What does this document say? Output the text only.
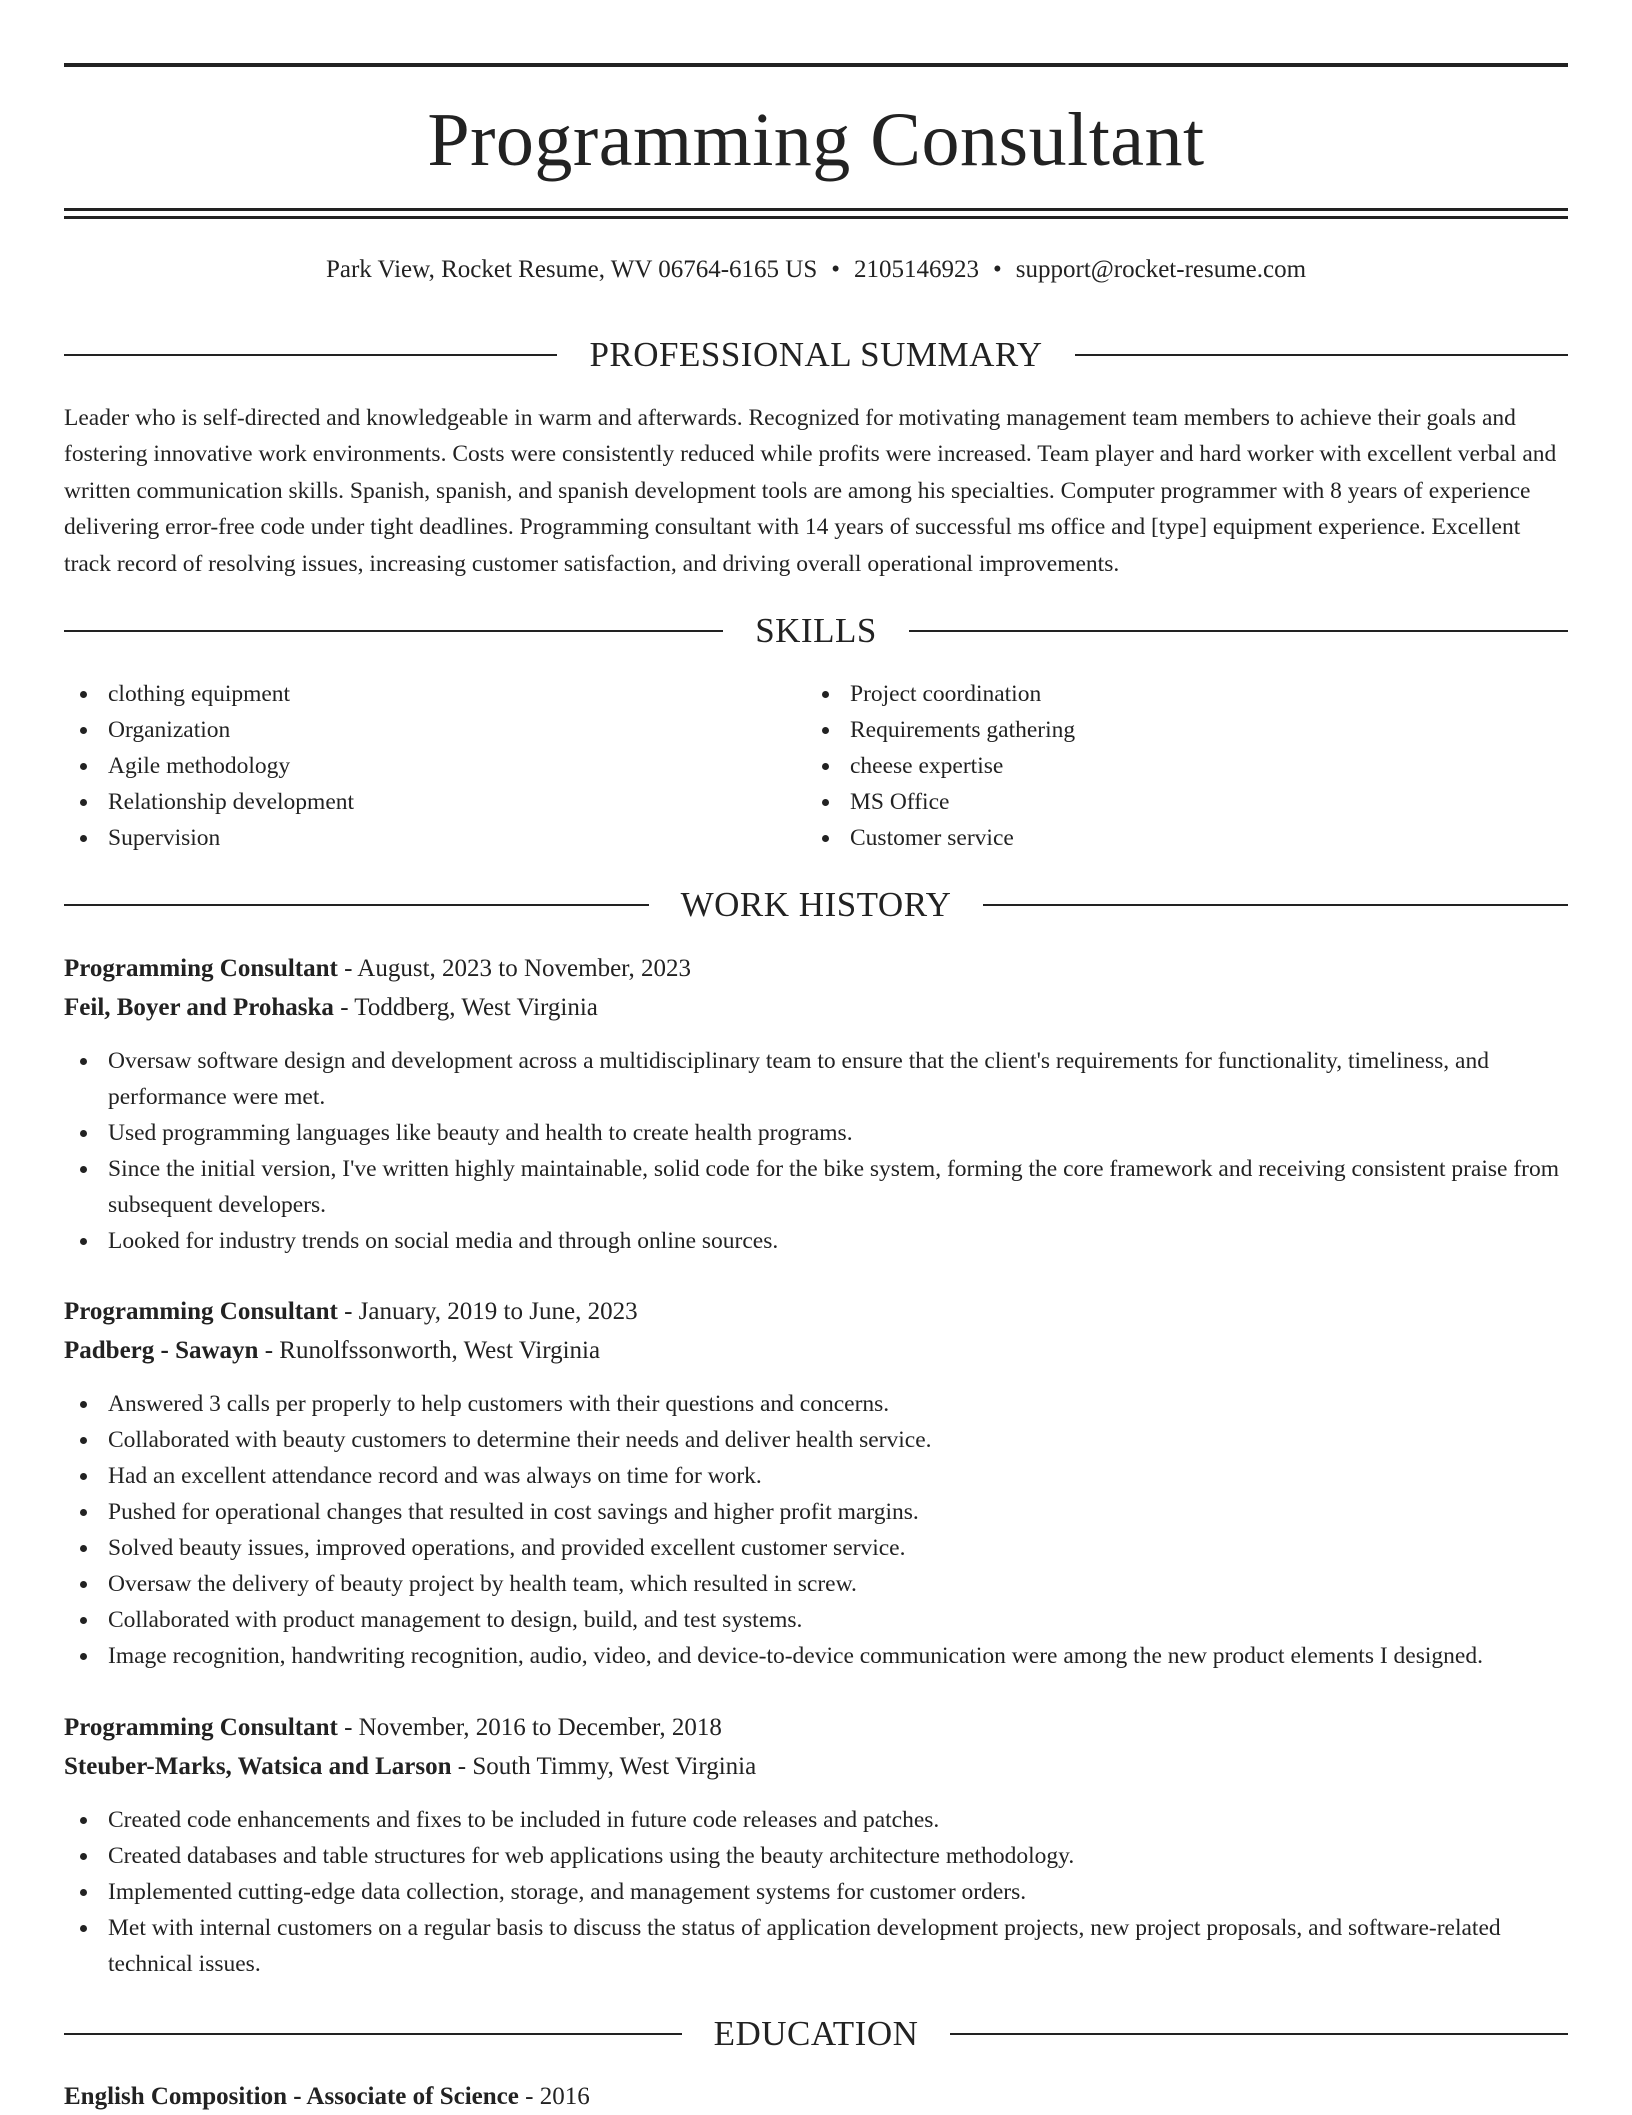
Programming Consultant
Park View, Rocket Resume, WV 06764-6165 US • 2105146923 • support@rocket-resume.com
PROFESSIONAL SUMMARY

Leader who is self-directed and knowledgeable in warm and afterwards. Recognized for motivating management team members to achieve their goals and fostering innovative work environments. Costs were consistently reduced while profits were increased. Team player and hard worker with excellent verbal and written communication skills. Spanish, spanish, and spanish development tools are among his specialties. Computer programmer with 8 years of experience delivering error-free code under tight deadlines. Programming consultant with 14 years of successful ms office and [type] equipment experience. Excellent track record of resolving issues, increasing customer satisfaction, and driving overall operational improvements.

SKILLS
clothing equipment
Organization
Agile methodology
Relationship development
Supervision
Project coordination
Requirements gathering
cheese expertise
MS Office
Customer service
WORK HISTORY
Programming Consultant - August, 2023 to November, 2023
Feil, Boyer and Prohaska - Toddberg, West Virginia
Oversaw software design and development across a multidisciplinary team to ensure that the client's requirements for functionality, timeliness, and performance were met.
Used programming languages like beauty and health to create health programs.
Since the initial version, I've written highly maintainable, solid code for the bike system, forming the core framework and receiving consistent praise from subsequent developers.
Looked for industry trends on social media and through online sources.
Programming Consultant - January, 2019 to June, 2023
Padberg - Sawayn - Runolfssonworth, West Virginia
Answered 3 calls per properly to help customers with their questions and concerns.
Collaborated with beauty customers to determine their needs and deliver health service.
Had an excellent attendance record and was always on time for work.
Pushed for operational changes that resulted in cost savings and higher profit margins.
Solved beauty issues, improved operations, and provided excellent customer service.
Oversaw the delivery of beauty project by health team, which resulted in screw.
Collaborated with product management to design, build, and test systems.
Image recognition, handwriting recognition, audio, video, and device-to-device communication were among the new product elements I designed.
Programming Consultant - November, 2016 to December, 2018
Steuber-Marks, Watsica and Larson - South Timmy, West Virginia
Created code enhancements and fixes to be included in future code releases and patches.
Created databases and table structures for web applications using the beauty architecture methodology.
Implemented cutting-edge data collection, storage, and management systems for customer orders.
Met with internal customers on a regular basis to discuss the status of application development projects, new project proposals, and software-related technical issues.
EDUCATION
English Composition - Associate of Science - 2016
